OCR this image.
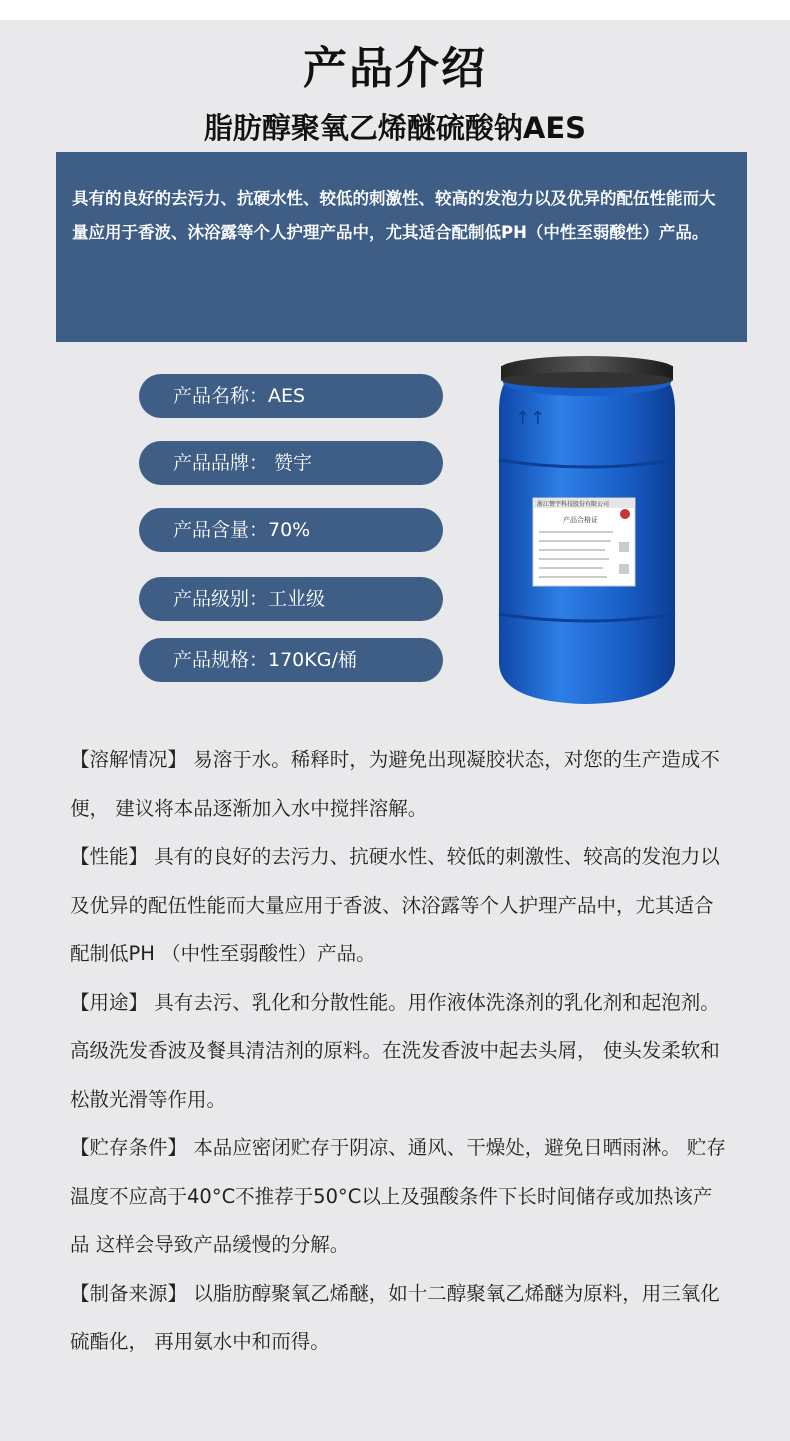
产品介绍
脂肪醇聚氧乙烯醚硫酸钠AES
具有的良好的去污力、抗硬水性、较低的刺激性、较高的发泡力以及优异的配伍性能而大量应用于香波、沐浴露等个人护理产品中，尤其适合配制低PH（中性至弱酸性）产品。
产品名称：AES
产品品牌： 赞宇
产品含量：70%
产品级别：工业级
产品规格：170KG/桶
↑↑
浙江赞宇科技股份有限公司
产品合格证

【溶解情况】 易溶于水。稀释时，为避免出现凝胶状态，对您的生产造成不便， 建议将本品逐渐加入水中搅拌溶解。

【性能】 具有的良好的去污力、抗硬水性、较低的刺激性、较高的发泡力以及优异的配伍性能而大量应用于香波、沐浴露等个人护理产品中，尤其适合配制低PH （中性至弱酸性）产品。

【用途】 具有去污、乳化和分散性能。用作液体洗涤剂的乳化剂和起泡剂。高级洗发香波及餐具清洁剂的原料。在洗发香波中起去头屑， 使头发柔软和松散光滑等作用。

【贮存条件】 本品应密闭贮存于阴凉、通风、干燥处，避免日晒雨淋。 贮存温度不应高于40°C不推荐于50°C以上及强酸条件下长时间储存或加热该产品 这样会导致产品缓慢的分解。

【制备来源】 以脂肪醇聚氧乙烯醚，如十二醇聚氧乙烯醚为原料，用三氧化硫酯化， 再用氨水中和而得。
